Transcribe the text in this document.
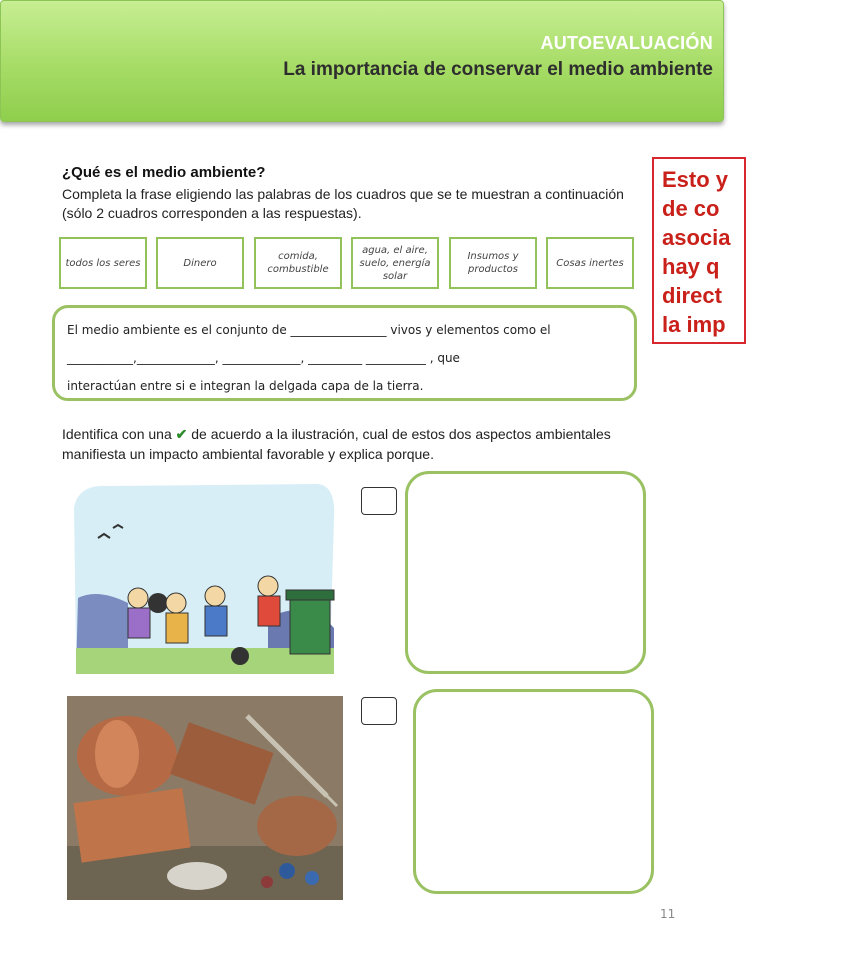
AUTOEVALUACIÓN
La importancia de conservar el medio ambiente
¿Qué es el medio ambiente?
Completa la frase eligiendo las palabras de los cuadros que se te muestran a continuación (sólo 2 cuadros corresponden a las respuestas).
todos los seres	Dinero
comida, combustible
agua, el aire, suelo, energía solar
Insumos y productos
Cosas inertes
El medio ambiente es el conjunto de ________________ vivos y elementos como el
___________,_____________, _____________, _________ __________ , que
interactúan entre si e integran la delgada capa de la tierra.
Identifica con una ✔ de acuerdo a la ilustración, cual de estos dos aspectos ambientales manifiesta un impacto ambiental favorable y explica porque.
Esto y
de co
asocia
hay q
direct
la imp
11
